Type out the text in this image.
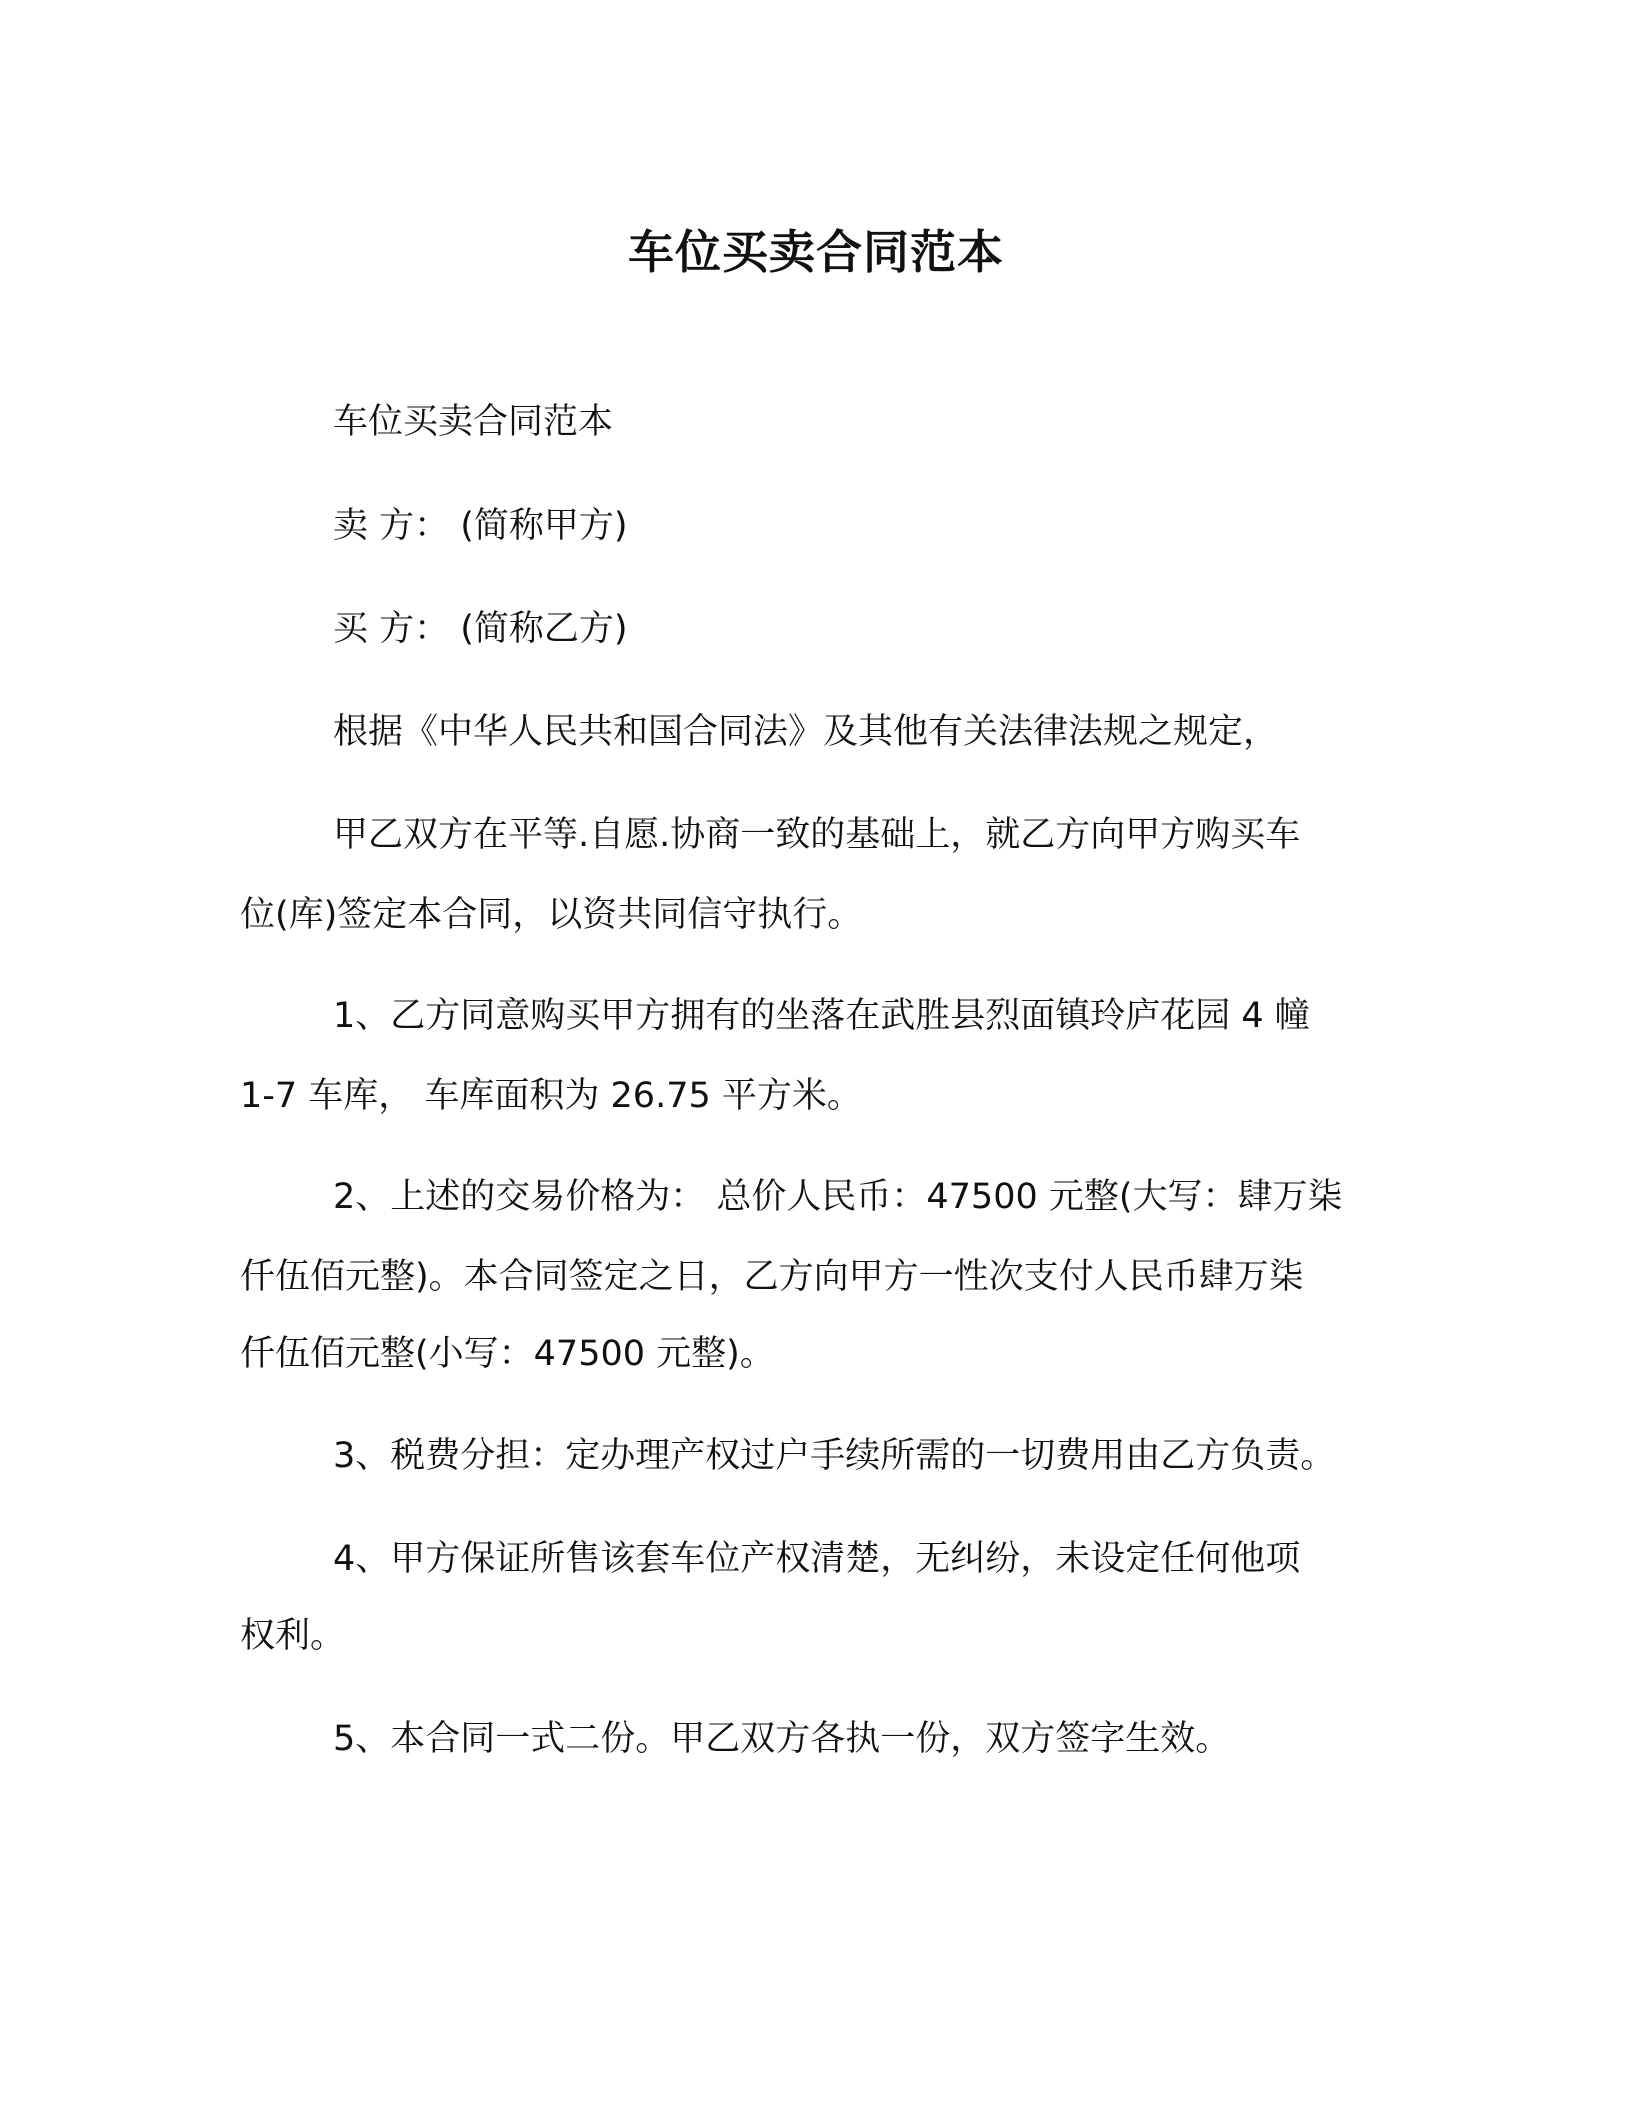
车位买卖合同范本
车位买卖合同范本
卖 方： (简称甲方)
买 方： (简称乙方)
根据《中华人民共和国合同法》及其他有关法律法规之规定，
甲乙双方在平等.自愿.协商一致的基础上，就乙方向甲方购买车
位(库)签定本合同，以资共同信守执行。
1、乙方同意购买甲方拥有的坐落在武胜县烈面镇玲庐花园 4 幢
1-7 车库， 车库面积为 26.75 平方米。
2、上述的交易价格为： 总价人民币：47500 元整(大写：肆万柒
仟伍佰元整)。本合同签定之日，乙方向甲方一性次支付人民币肆万柒
仟伍佰元整(小写：47500 元整)。
3、税费分担：定办理产权过户手续所需的一切费用由乙方负责。
4、甲方保证所售该套车位产权清楚，无纠纷，未设定任何他项
权利。
5、本合同一式二份。甲乙双方各执一份，双方签字生效。
